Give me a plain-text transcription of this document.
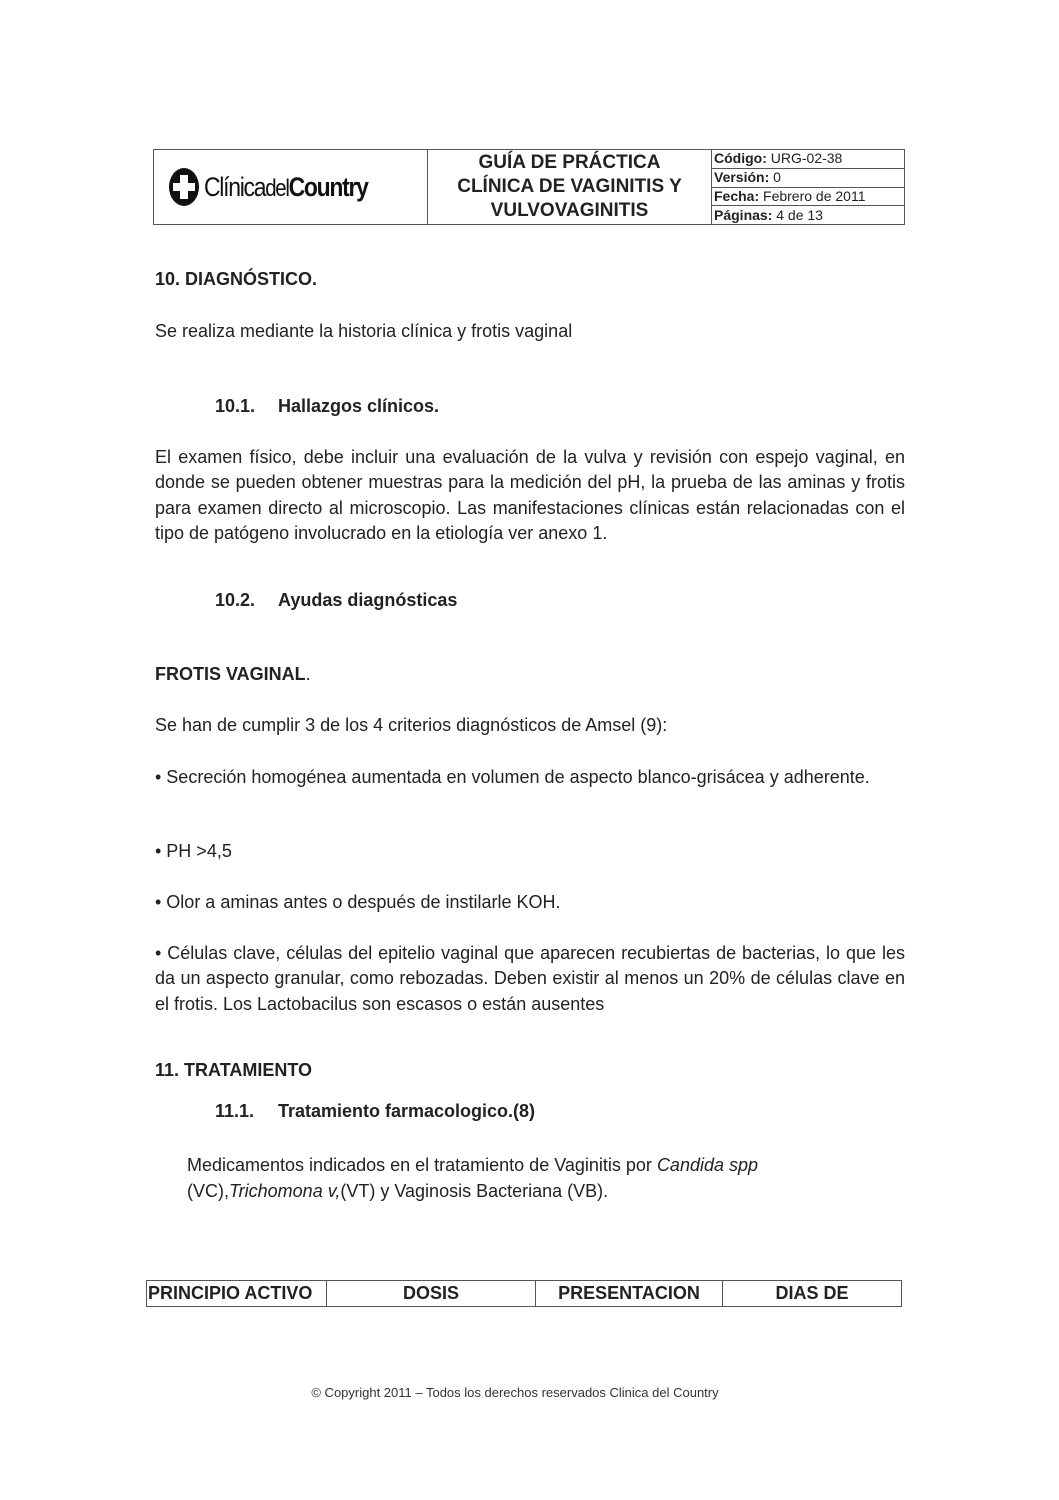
ClínicadelCountry

GUÍA DE PRÁCTICA
CLÍNICA DE VAGINITIS Y
VULVOVAGINITIS
	Código: URG-02-38
Versión: 0
Fecha: Febrero de 2011
Páginas: 4 de 13
10. DIAGNÓSTICO.
Se realiza mediante la historia clínica y frotis vaginal
10.1. Hallazgos clínicos.
El examen físico, debe incluir una evaluación de la vulva y revisión con espejo vaginal, en donde se pueden obtener muestras para la medición del pH, la prueba de las aminas y frotis para examen directo al microscopio. Las manifestaciones clínicas están relacionadas con el tipo de patógeno involucrado en la etiología ver anexo 1.
10.2. Ayudas diagnósticas
FROTIS VAGINAL.
Se han de cumplir 3 de los 4 criterios diagnósticos de Amsel (9):
• Secreción homogénea aumentada en volumen de aspecto blanco-grisácea y adherente.
• PH >4,5
• Olor a aminas antes o después de instilarle KOH.
• Células clave, células del epitelio vaginal que aparecen recubiertas de bacterias, lo que les da un aspecto granular, como rebozadas. Deben existir al menos un 20% de células clave en el frotis. Los Lactobacilus son escasos o están ausentes
11. TRATAMIENTO
11.1. Tratamiento farmacologico.(8)
Medicamentos indicados en el tratamiento de Vaginitis por Candida spp
(VC),Trichomona v,(VT) y Vaginosis Bacteriana (VB).
PRINCIPIO ACTIVO	DOSIS	PRESENTACION	DIAS DE
© Copyright 2011 – Todos los derechos reservados Clinica del Country
